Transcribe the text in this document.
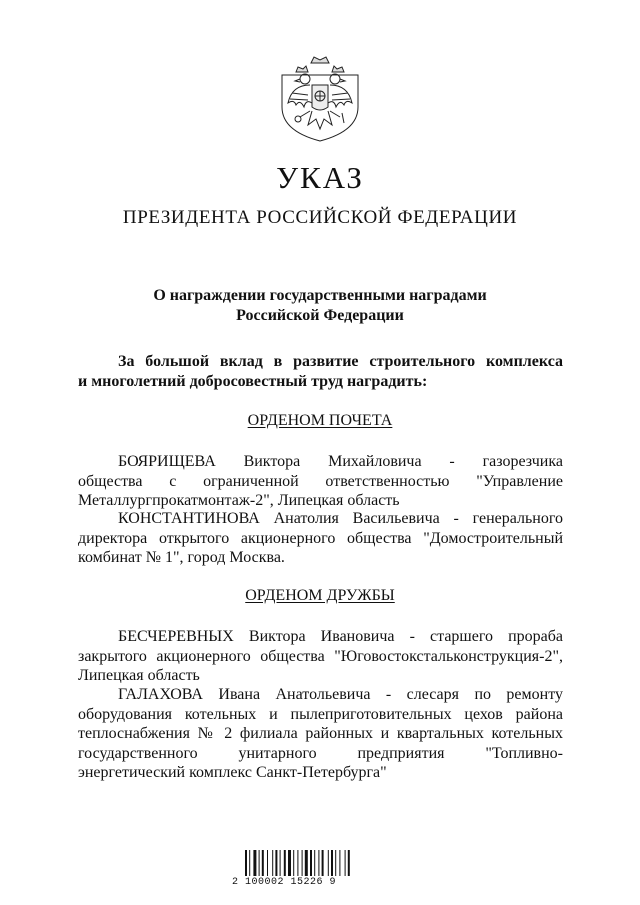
УКАЗ
ПРЕЗИДЕНТА РОССИЙСКОЙ ФЕДЕРАЦИИ
О награждении государственными наградами
Российской Федерации
За большой вклад в развитие строительного комплекса
и многолетний добросовестный труд наградить:
ОРДЕНОМ ПОЧЕТА
БОЯРИЩЕВА Виктора Михайловича - газорезчика
общества с ограниченной ответственностью "Управление
Металлургпрокатмонтаж-2", Липецкая область
КОНСТАНТИНОВА Анатолия Васильевича - генерального
директора открытого акционерного общества "Домостроительный
комбинат № 1", город Москва.
ОРДЕНОМ ДРУЖБЫ
БЕСЧЕРЕВНЫХ Виктора Ивановича - старшего прораба
закрытого акционерного общества "Юговостокстальконструкция-2",
Липецкая область
ГАЛАХОВА Ивана Анатольевича - слесаря по ремонту
оборудования котельных и пылеприготовительных цехов района
теплоснабжения № 2 филиала районных и квартальных котельных
государственного унитарного предприятия "Топливно-
энергетический комплекс Санкт-Петербурга"
2 100002 15226 9
